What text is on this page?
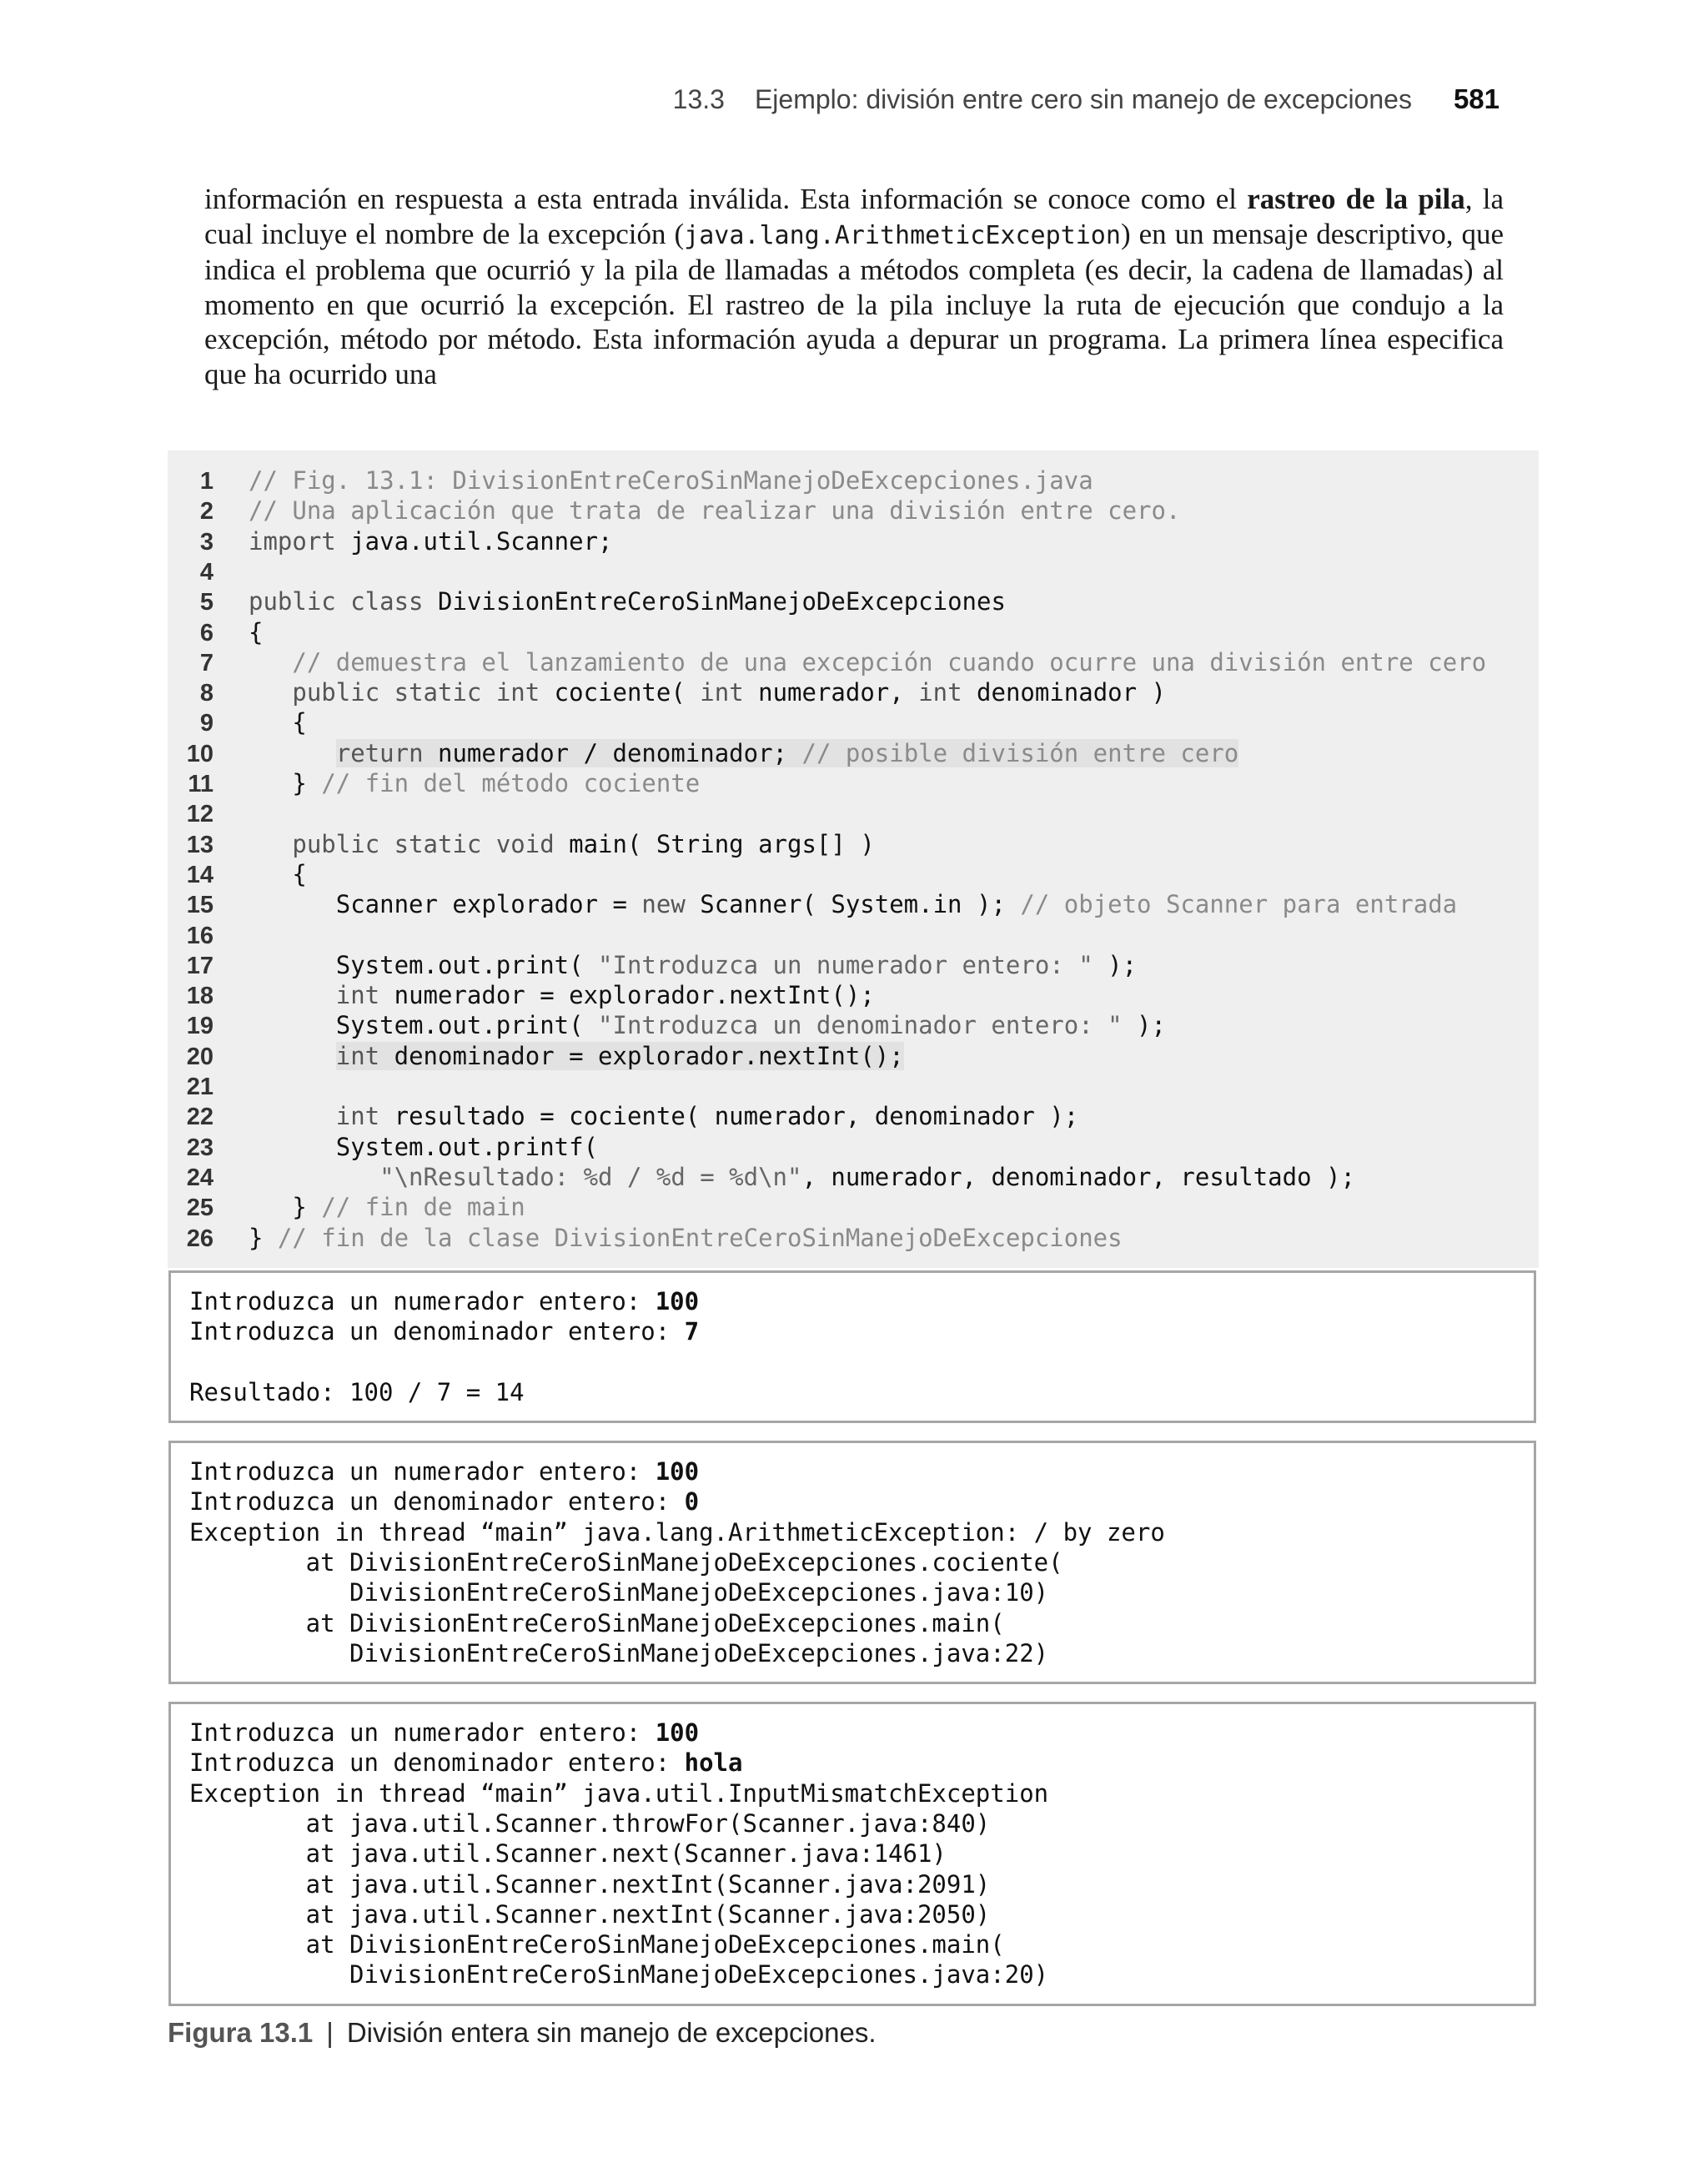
13.3 Ejemplo: división entre cero sin manejo de excepciones 581
información en respuesta a esta entrada inválida. Esta información se conoce como el rastreo de la pila, la cual incluye el nombre de la excepción (java.lang.ArithmeticException) en un mensaje descriptivo, que indica el problema que ocurrió y la pila de llamadas a métodos completa (es decir, la cadena de llamadas) al momento en que ocurrió la excepción. El rastreo de la pila incluye la ruta de ejecución que condujo a la excepción, método por método. Esta información ayuda a depurar un programa. La primera línea especifica que ha ocurrido una
1 // Fig. 13.1: DivisionEntreCeroSinManejoDeExcepciones.java
2 // Una aplicación que trata de realizar una división entre cero.
3 import java.util.Scanner;
4
5 public class DivisionEntreCeroSinManejoDeExcepciones
6 {
7	// demuestra el lanzamiento de una excepción cuando ocurre una división entre cero
8	public static int cociente( int numerador, int denominador )
9 {
10	return numerador / denominador; // posible división entre cero
11 } // fin del método cociente
12
13	public static void main( String args[] )
14 {
15 Scanner explorador = new Scanner( System.in ); // objeto Scanner para entrada
16
17 System.out.print( "Introduzca un numerador entero: " );
18	int numerador = explorador.nextInt();
19 System.out.print( "Introduzca un denominador entero: " );
20	int denominador = explorador.nextInt();
21
22	int resultado = cociente( numerador, denominador );
23 System.out.printf(
24	"\nResultado: %d / %d = %d\n", numerador, denominador, resultado );
25 } // fin de main
26 } // fin de la clase DivisionEntreCeroSinManejoDeExcepciones
Introduzca un numerador entero: 100
Introduzca un denominador entero: 7
Resultado: 100 / 7 = 14
Introduzca un numerador entero: 100
Introduzca un denominador entero: 0
Exception in thread “main” java.lang.ArithmeticException: / by zero
at DivisionEntreCeroSinManejoDeExcepciones.cociente(
DivisionEntreCeroSinManejoDeExcepciones.java:10)
at DivisionEntreCeroSinManejoDeExcepciones.main(
DivisionEntreCeroSinManejoDeExcepciones.java:22)
Introduzca un numerador entero: 100
Introduzca un denominador entero: hola
Exception in thread “main” java.util.InputMismatchException
at java.util.Scanner.throwFor(Scanner.java:840)
at java.util.Scanner.next(Scanner.java:1461)
at java.util.Scanner.nextInt(Scanner.java:2091)
at java.util.Scanner.nextInt(Scanner.java:2050)
at DivisionEntreCeroSinManejoDeExcepciones.main(
DivisionEntreCeroSinManejoDeExcepciones.java:20)
Figura 13.1 | División entera sin manejo de excepciones.
